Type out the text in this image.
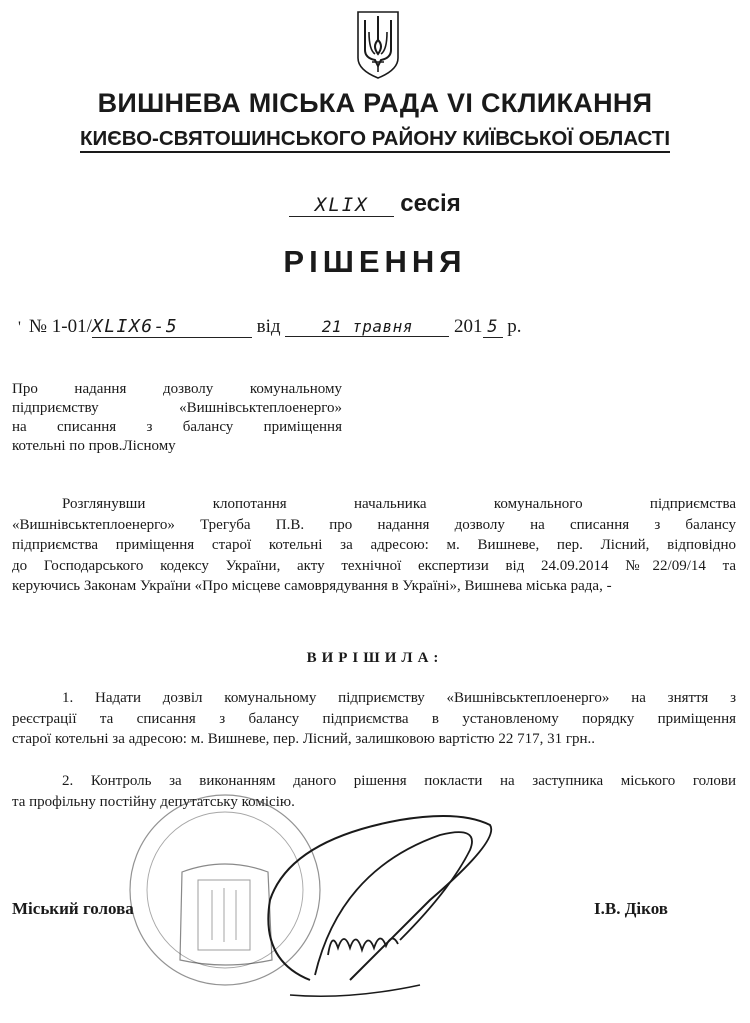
ВИШНЕВА МІСЬКА РАДА VI СКЛИКАННЯ
КИЄВО-СВЯТОШИНСЬКОГО РАЙОНУ КИЇВСЬКОЇ ОБЛАСТІ
XLIX сесія
РІШЕННЯ
' № 1-01/XLIX6-5	від	21 травня 201 5 р.

Про надання дозволу комунальному

підприємству «Вишнівськтеплоенерго»

на списання з балансу приміщення

котельні по пров.Лісному

Розглянувши клопотання начальника комунального підприємства

«Вишнівськтеплоенерго» Трегуба П.В. про надання дозволу на списання з балансу

підприємства приміщення старої котельні за адресою: м. Вишневе, пер. Лісний, відповідно

до Господарського кодексу України, акту технічної експертизи від 24.09.2014 №22/09/14 та

керуючись Законам України «Про місцеве самоврядування в Україні», Вишнева міська рада, -

ВИРІШИЛА:

1. Надати дозвіл комунальному підприємству «Вишнівськтеплоенерго» на зняття з

реєстрації та списання з балансу підприємства в установленому порядку приміщення

старої котельні за адресою: м. Вишневе, пер. Лісний, залишковою вартістю 22 717, 31 грн..

2. Контроль за виконанням даного рішення покласти на заступника міського голови

та профільну постійну депутатську комісію.

Міський голова	І.В. Діков
